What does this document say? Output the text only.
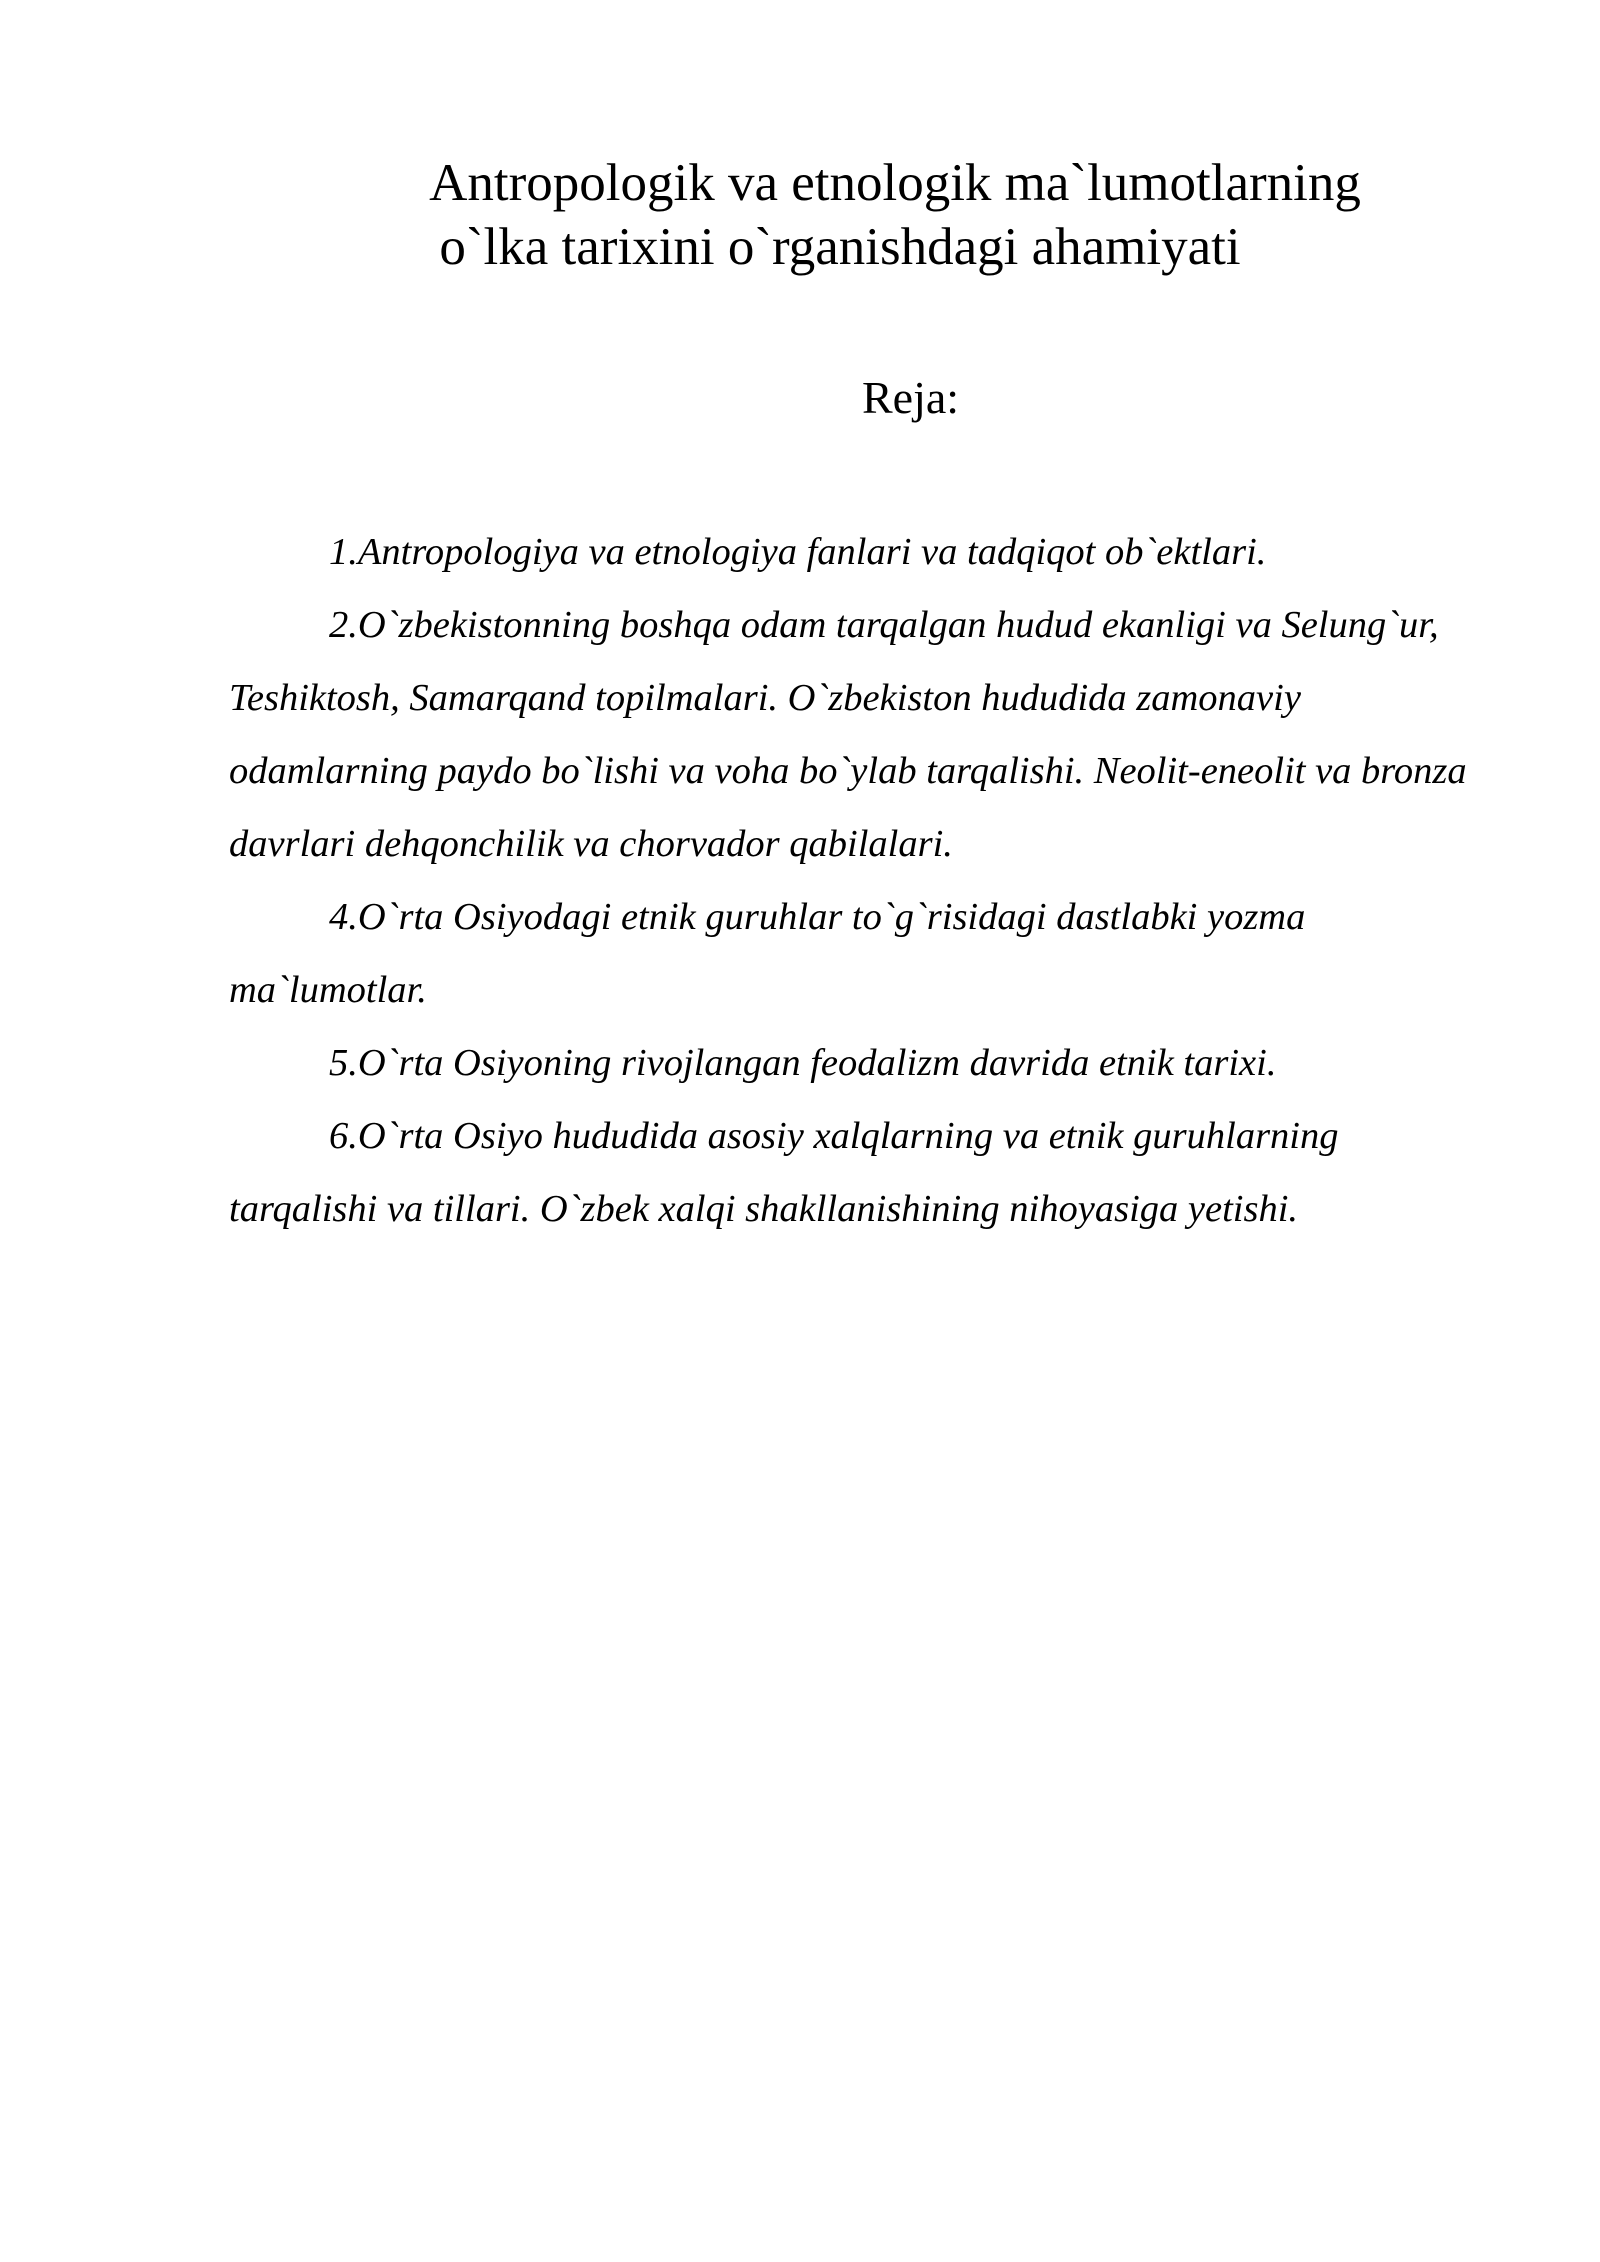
Antropologik va etnologik ma`lumotlarning
o`lka tarixini o`rganishdagi ahamiyati
Reja:

1.Antropologiya va etnologiya fanlari va tadqiqot ob`ektlari.

2.O`zbekistonning boshqa odam tarqalgan hudud ekanligi va Selung`ur, Teshiktosh, Samarqand topilmalari. O`zbekiston hududida zamonaviy odamlarning paydo bo`lishi va voha bo`ylab tarqalishi. Neolit-eneolit va bronza davrlari dehqonchilik va chorvador qabilalari.

4.O`rta Osiyodagi etnik guruhlar to`g`risidagi dastlabki yozma ma`lumotlar.

5.O`rta Osiyoning rivojlangan feodalizm davrida etnik tarixi.

6.O`rta Osiyo hududida asosiy xalqlarning va etnik guruhlarning tarqalishi va tillari. O`zbek xalqi shakllanishining nihoyasiga yetishi.
